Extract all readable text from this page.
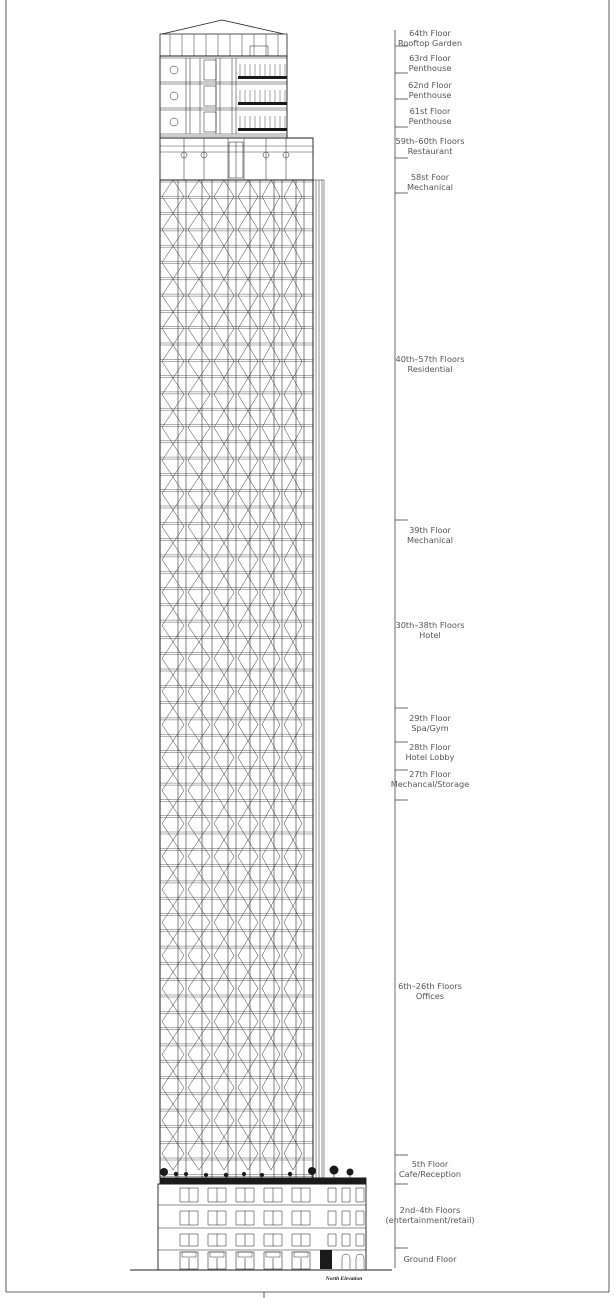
64th Floor
Rooftop Garden
63rd Floor
Penthouse
62nd Floor
Penthouse
61st Floor
Penthouse
59th–60th Floors
Restaurant
58st Foor
Mechanical
40th–57th Floors
Residential
39th Floor
Mechanical
30th–38th Floors
Hotel
29th Floor
Spa/Gym
28th Floor
Hotel Lobby
27th Floor
Mechancal/Storage
6th–26th Floors
Offices
5th Floor
Cafe/Reception
2nd–4th Floors
(entertainment/retail)
Ground Floor
North Elevation
